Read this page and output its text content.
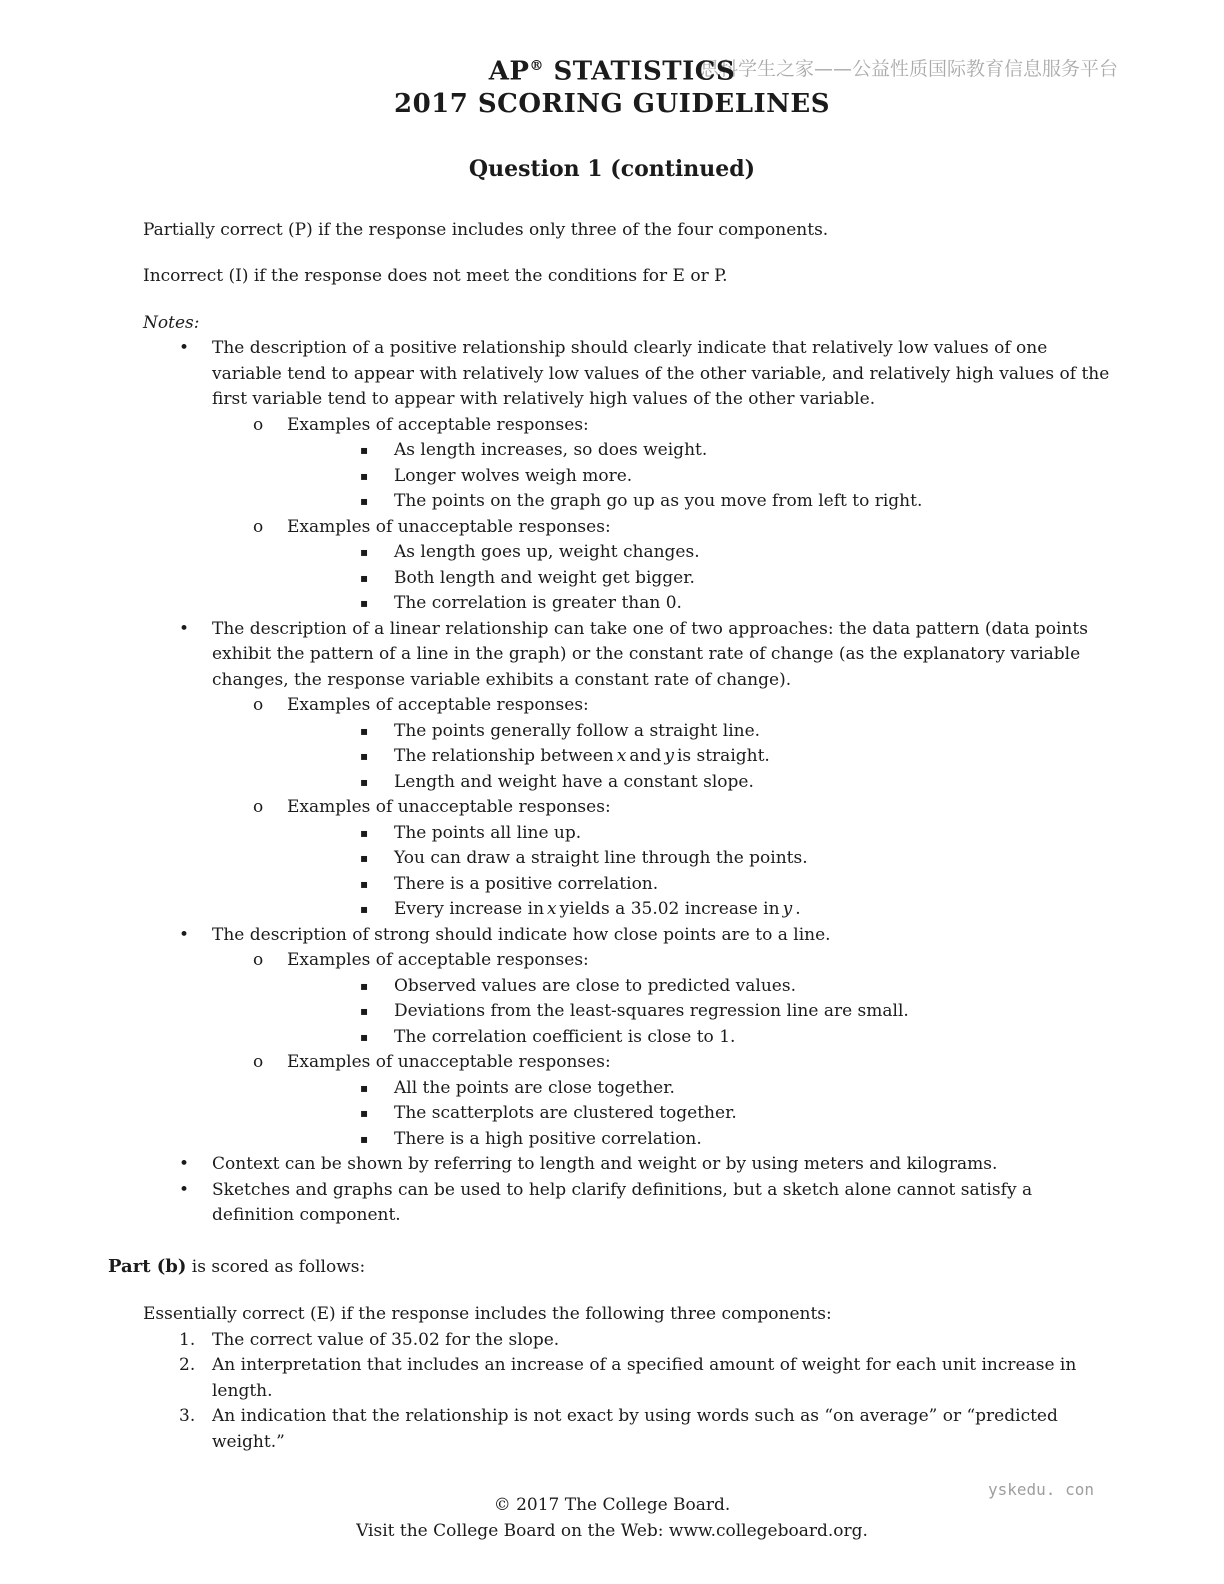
思科学生之家——公益性质国际教育信息服务平台
AP® STATISTICS
2017 SCORING GUIDELINES
Question 1 (continued)

Partially correct (P) if the response includes only three of the four components.

Incorrect (I) if the response does not meet the conditions for E or P.

Notes:
•	The description of a positive relationship should clearly indicate that relatively low values of one variable tend to appear with relatively low values of the other variable, and relatively high values of the first variable tend to appear with relatively high values of the other variable.
o	Examples of acceptable responses:
▪	As length increases, so does weight.
▪	Longer wolves weigh more.
▪	The points on the graph go up as you move from left to right.
o	Examples of unacceptable responses:
▪	As length goes up, weight changes.
▪	Both length and weight get bigger.
▪	The correlation is greater than 0.
•	The description of a linear relationship can take one of two approaches: the data pattern (data points exhibit the pattern of a line in the graph) or the constant rate of change (as the explanatory variable changes, the response variable exhibits a constant rate of change).
o	Examples of acceptable responses:
▪	The points generally follow a straight line.
▪	The relationship between x and y is straight.
▪	Length and weight have a constant slope.
o	Examples of unacceptable responses:
▪	The points all line up.
▪	You can draw a straight line through the points.
▪	There is a positive correlation.
▪	Every increase in x yields a 35.02 increase in y .
•	The description of strong should indicate how close points are to a line.
o	Examples of acceptable responses:
▪	Observed values are close to predicted values.
▪	Deviations from the least-squares regression line are small.
▪	The correlation coefficient is close to 1.
o	Examples of unacceptable responses:
▪	All the points are close together.
▪	The scatterplots are clustered together.
▪	There is a high positive correlation.
•	Context can be shown by referring to length and weight or by using meters and kilograms.
•	Sketches and graphs can be used to help clarify definitions, but a sketch alone cannot satisfy a definition component.
Part (b) is scored as follows:
Essentially correct (E) if the response includes the following three components:
1. The correct value of 35.02 for the slope.
2. An interpretation that includes an increase of a specified amount of weight for each unit increase in length.
3. An indication that the relationship is not exact by using words such as “on average” or “predicted weight.”
yskedu. con
© 2017 The College Board.
Visit the College Board on the Web: www.collegeboard.org.
